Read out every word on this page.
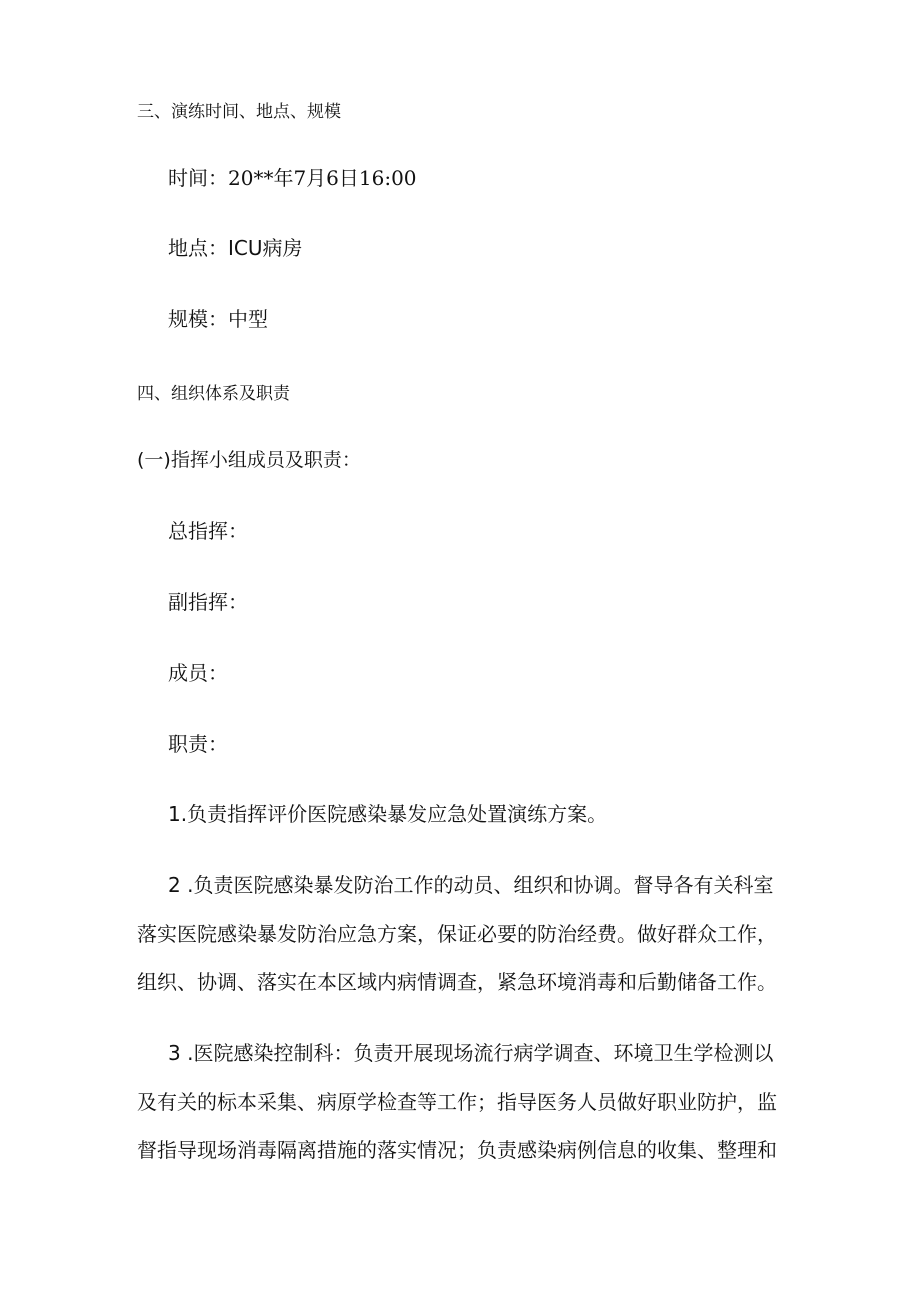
三、演练时间、地点、规模
时间：20**年7月6日16:00
地点：ICU病房
规模：中型
四、组织体系及职责
(一)指挥小组成员及职责：
总指挥：
副指挥：
成员：
职责：
1.负责指挥评价医院感染暴发应急处置演练方案。
2 .负责医院感染暴发防治工作的动员、组织和协调。督导各有关科室
落实医院感染暴发防治应急方案，保证必要的防治经费。做好群众工作，
组织、协调、落实在本区域内病情调查，紧急环境消毒和后勤储备工作。
3 .医院感染控制科：负责开展现场流行病学调查、环境卫生学检测以
及有关的标本采集、病原学检查等工作；指导医务人员做好职业防护，监
督指导现场消毒隔离措施的落实情况；负责感染病例信息的收集、整理和
